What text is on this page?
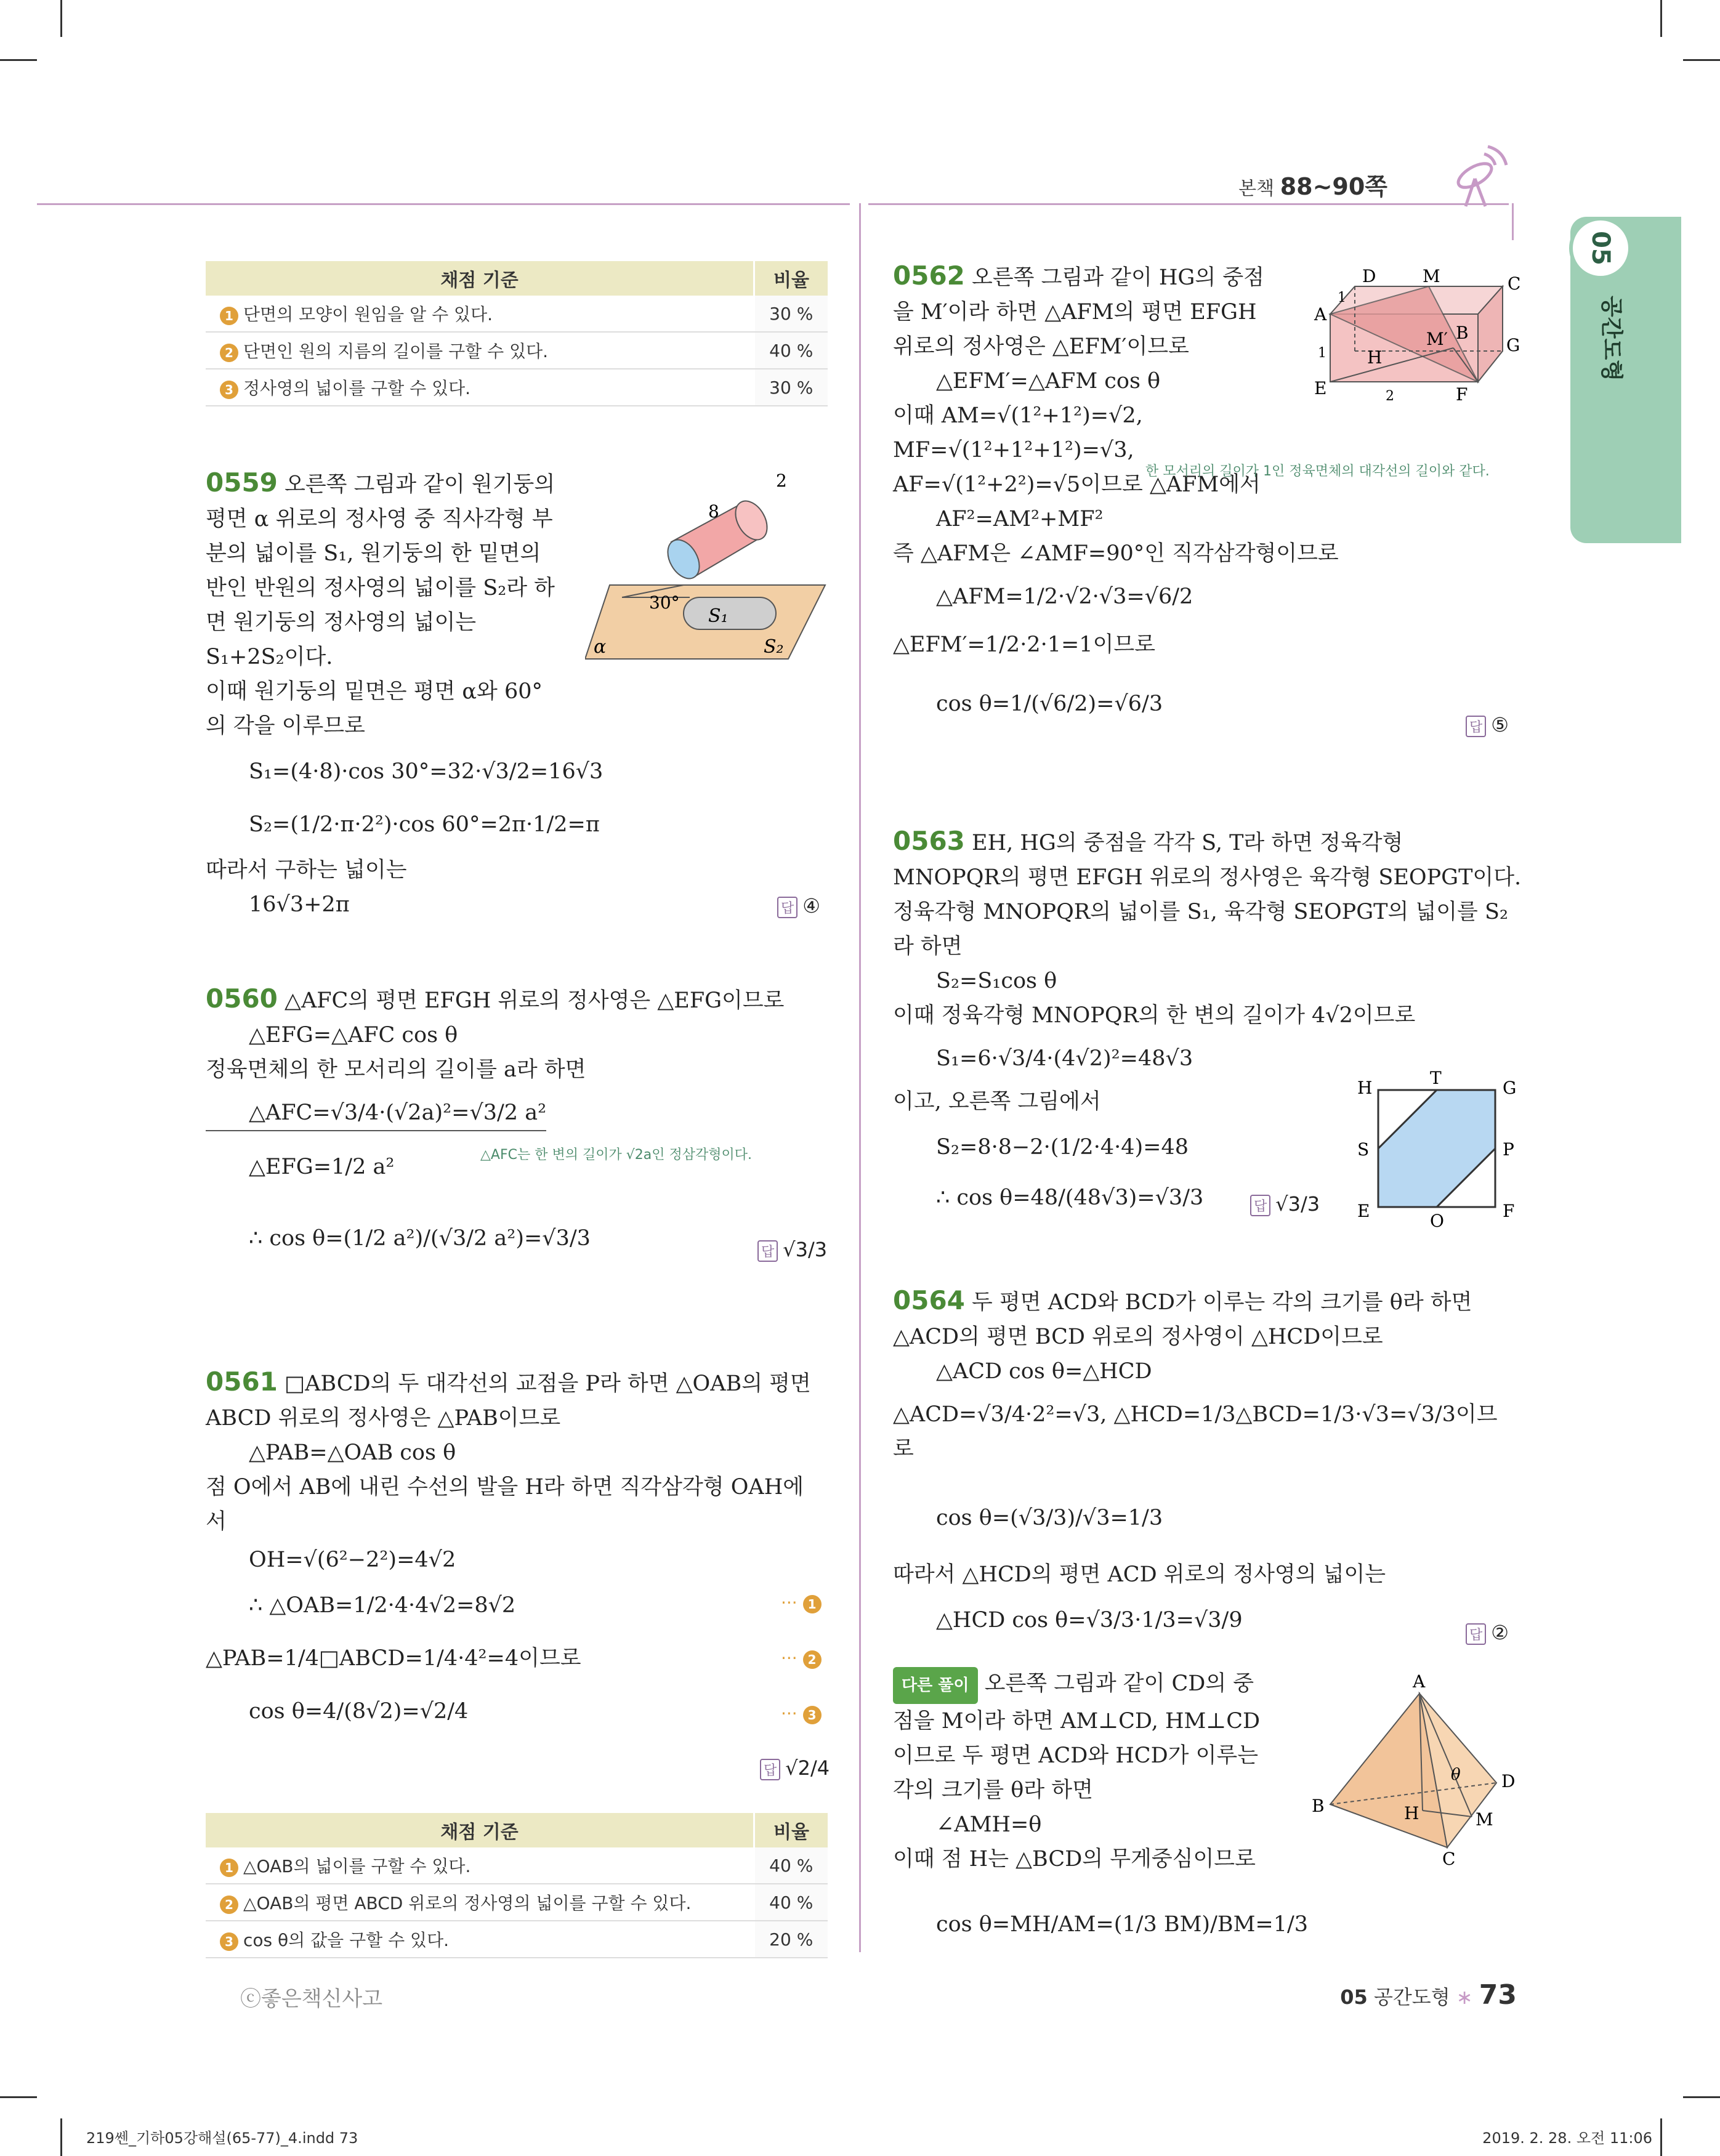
본책 88~90쪽
05
공간도형
채점 기준	비율
1 단면의 모양이 원임을 알 수 있다.	30 %
2 단면인 원의 지름의 길이를 구할 수 있다.	40 %
3 정사영의 넓이를 구할 수 있다.	30 %
0559 오른쪽 그림과 같이 원기둥의
평면 α 위로의 정사영 중 직사각형 부
분의 넓이를 S₁, 원기둥의 한 밑면의
반인 반원의 정사영의 넓이를 S₂라 하
면 원기둥의 정사영의 넓이는
S₁+2S₂이다.
이때 원기둥의 밑면은 평면 α와 60°
의 각을 이루므로
S₁=(4·8)·cos 30°=32·√3/2=16√3
S₂=(1/2·π·2²)·cos 60°=2π·1/2=π
따라서 구하는 넓이는
16√3+2π	답 ④
S₁
S₂
α
30°
8
2
0560 △AFC의 평면 EFGH 위로의 정사영은 △EFG이므로
△EFG=△AFC cos θ
정육면체의 한 모서리의 길이를 a라 하면
△AFC=√3/4·(√2a)²=√3/2 a²
△EFG=1/2 a²
∴ cos θ=(1/2 a²)/(√3/2 a²)=√3/3
△AFC는 한 변의 길이가 √2a인 정삼각형이다.
답 √3/3
0561 □ABCD의 두 대각선의 교점을 P라 하면 △OAB의 평면
ABCD 위로의 정사영은 △PAB이므로
△PAB=△OAB cos θ
점 O에서 AB에 내린 수선의 발을 H라 하면 직각삼각형 OAH에
서
OH=√(6²−2²)=4√2
∴ △OAB=1/2·4·4√2=8√2
△PAB=1/4□ABCD=1/4·4²=4이므로
cos θ=4/(8√2)=√2/4
··· 1
··· 2
··· 3
답 √2/4
채점 기준	비율
1 △OAB의 넓이를 구할 수 있다.	40 %
2 △OAB의 평면 ABCD 위로의 정사영의 넓이를 구할 수 있다.	40 %
3 cos θ의 값을 구할 수 있다.	20 %
0562 오른쪽 그림과 같이 HG의 중점
을 M′이라 하면 △AFM의 평면 EFGH
위로의 정사영은 △EFM′이므로
△EFM′=△AFM cos θ
이때 AM=√(1²+1²)=√2,
MF=√(1²+1²+1²)=√3,
AF=√(1²+2²)=√5이므로 △AFM에서
AF²=AM²+MF²
즉 △AFM은 ∠AMF=90°인 직각삼각형이므로
△AFM=1/2·√2·√3=√6/2
△EFM′=1/2·2·1=1이므로
cos θ=1/(√6/2)=√6/3
한 모서리의 길이가 1인 정육면체의 대각선의 길이와 같다.
답 ⑤
D	M	C
A
B
G
H
M′
E	F
1
1
2
0563 EH, HG의 중점을 각각 S, T라 하면 정육각형
MNOPQR의 평면 EFGH 위로의 정사영은 육각형 SEOPGT이다.
정육각형 MNOPQR의 넓이를 S₁, 육각형 SEOPGT의 넓이를 S₂
라 하면
S₂=S₁cos θ
이때 정육각형 MNOPQR의 한 변의 길이가 4√2이므로
S₁=6·√3/4·(4√2)²=48√3
이고, 오른쪽 그림에서
S₂=8·8−2·(1/2·4·4)=48
∴ cos θ=48/(48√3)=√3/3	답 √3/3
H	T	G
S	P
E	O	F
0564 두 평면 ACD와 BCD가 이루는 각의 크기를 θ라 하면
△ACD의 평면 BCD 위로의 정사영이 △HCD이므로
△ACD cos θ=△HCD
△ACD=√3/4·2²=√3, △HCD=1/3△BCD=1/3·√3=√3/3이므
로
cos θ=(√3/3)/√3=1/3
따라서 △HCD의 평면 ACD 위로의 정사영의 넓이는
△HCD cos θ=√3/3·1/3=√3/9
답 ②
다른 풀이 오른쪽 그림과 같이 CD의 중
점을 M이라 하면 AM⊥CD, HM⊥CD
이므로 두 평면 ACD와 HCD가 이루는
각의 크기를 θ라 하면
∠AMH=θ
이때 점 H는 △BCD의 무게중심이므로
cos θ=MH/AM=(1/3 BM)/BM=1/3
A
B
C
D
H	M
θ
ⓒ좋은책신사고	05 공간도형 ∗ 73
219쎈_기하05강해설(65-77)_4.indd 73	2019. 2. 28. 오전 11:06
